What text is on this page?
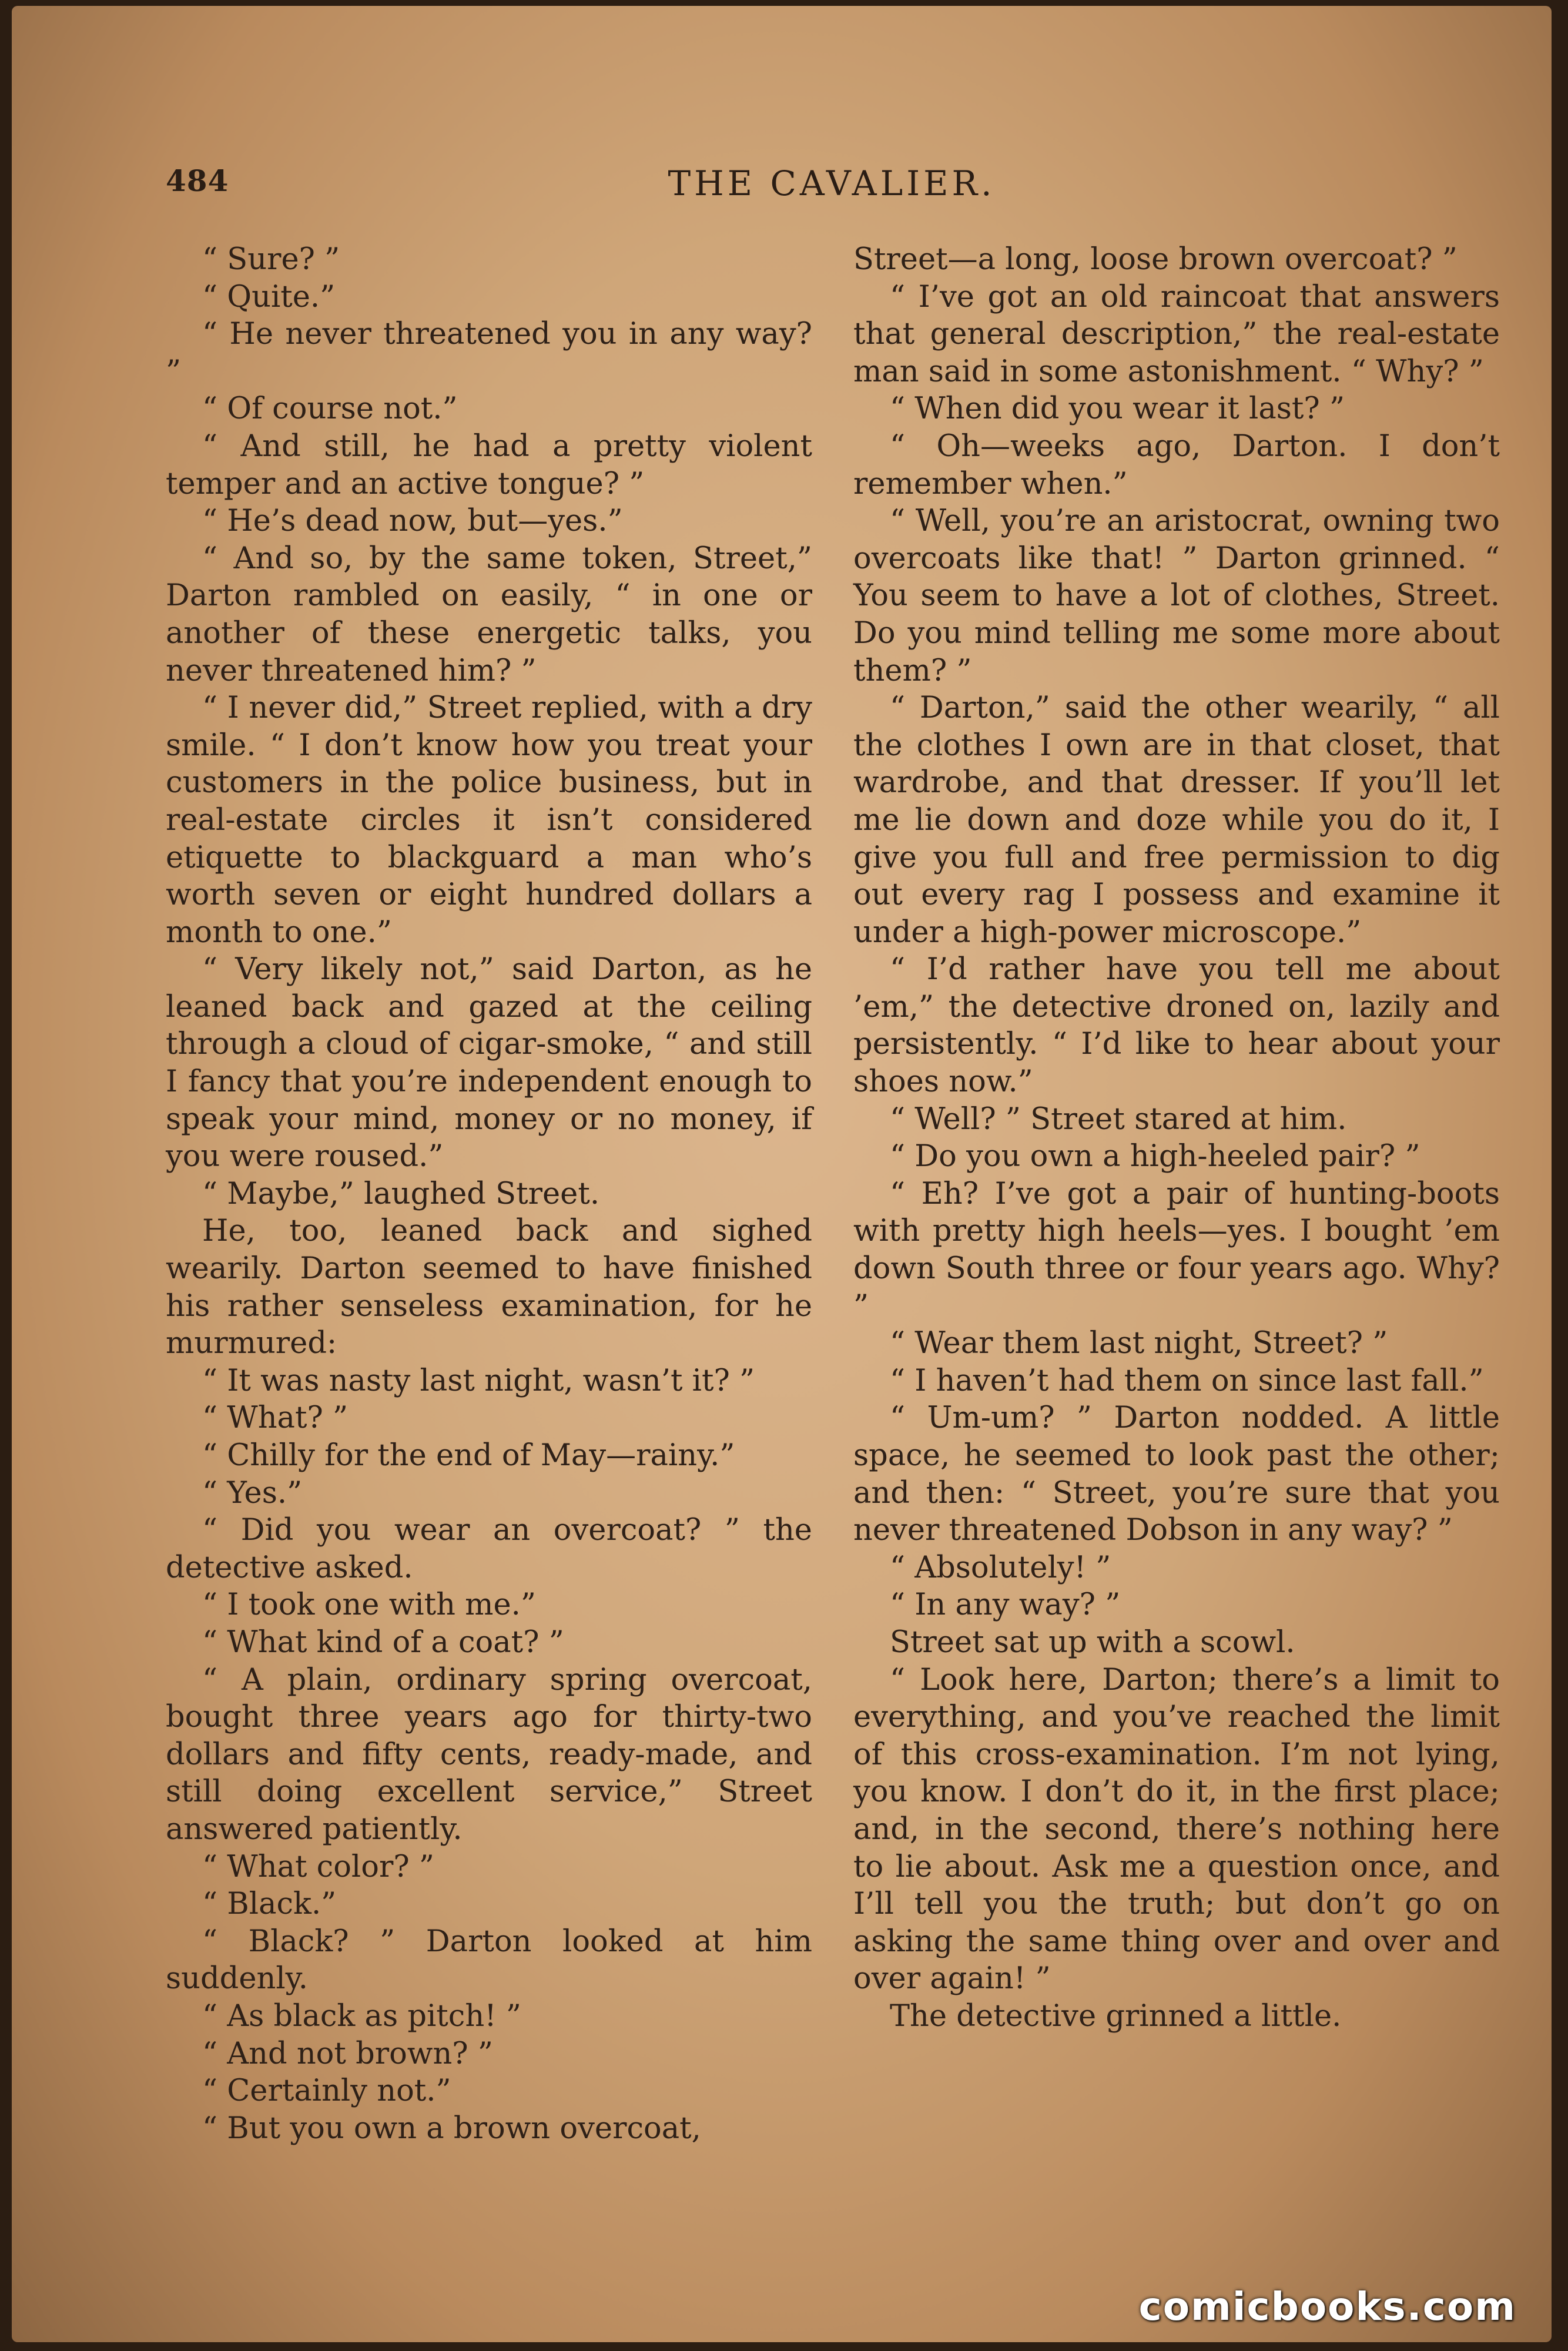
484	THE CAVALIER.

“ Sure? ”

“ Quite.”

“ He never threatened you in any way? ”

“ Of course not.”

“ And still, he had a pretty violent temper and an active tongue? ”

“ He’s dead now, but—yes.”

“ And so, by the same token, Street,” Darton rambled on easily, “ in one or another of these energetic talks, you never threatened him? ”

“ I never did,” Street replied, with a dry smile. “ I don’t know how you treat your customers in the police business, but in real-estate circles it isn’t considered etiquette to blackguard a man who’s worth seven or eight hundred dollars a month to one.”

“ Very likely not,” said Darton, as he leaned back and gazed at the ceiling through a cloud of cigar-smoke, “ and still I fancy that you’re independent enough to speak your mind, money or no money, if you were roused.”

“ Maybe,” laughed Street.

He, too, leaned back and sighed wearily. Darton seemed to have finished his rather senseless examination, for he murmured:

“ It was nasty last night, wasn’t it? ”

“ What? ”

“ Chilly for the end of May—rainy.”

“ Yes.”

“ Did you wear an overcoat? ” the detective asked.

“ I took one with me.”

“ What kind of a coat? ”

“ A plain, ordinary spring overcoat, bought three years ago for thirty-two dollars and fifty cents, ready-made, and still doing excellent service,” Street answered patiently.

“ What color? ”

“ Black.”

“ Black? ” Darton looked at him suddenly.

“ As black as pitch! ”

“ And not brown? ”

“ Certainly not.”

“ But you own a brown overcoat,

Street—a long, loose brown overcoat? ”

“ I’ve got an old raincoat that answers that general description,” the real-estate man said in some astonishment. “ Why? ”

“ When did you wear it last? ”

“ Oh—weeks ago, Darton. I don’t remember when.”

“ Well, you’re an aristocrat, owning two overcoats like that! ” Darton grinned. “ You seem to have a lot of clothes, Street. Do you mind telling me some more about them? ”

“ Darton,” said the other wearily, “ all the clothes I own are in that closet, that wardrobe, and that dresser. If you’ll let me lie down and doze while you do it, I give you full and free permission to dig out every rag I possess and examine it under a high-power microscope.”

“ I’d rather have you tell me about ’em,” the detective droned on, lazily and persistently. “ I’d like to hear about your shoes now.”

“ Well? ” Street stared at him.

“ Do you own a high-heeled pair? ”

“ Eh? I’ve got a pair of hunting-boots with pretty high heels—yes. I bought ’em down South three or four years ago. Why? ”

“ Wear them last night, Street? ”

“ I haven’t had them on since last fall.”

“ Um-um? ” Darton nodded. A little space, he seemed to look past the other; and then: “ Street, you’re sure that you never threatened Dobson in any way? ”

“ Absolutely! ”

“ In any way? ”

Street sat up with a scowl.

“ Look here, Darton; there’s a limit to everything, and you’ve reached the limit of this cross-examination. I’m not lying, you know. I don’t do it, in the first place; and, in the second, there’s nothing here to lie about. Ask me a question once, and I’ll tell you the truth; but don’t go on asking the same thing over and over and over again! ”

The detective grinned a little.

comicbooks.com
